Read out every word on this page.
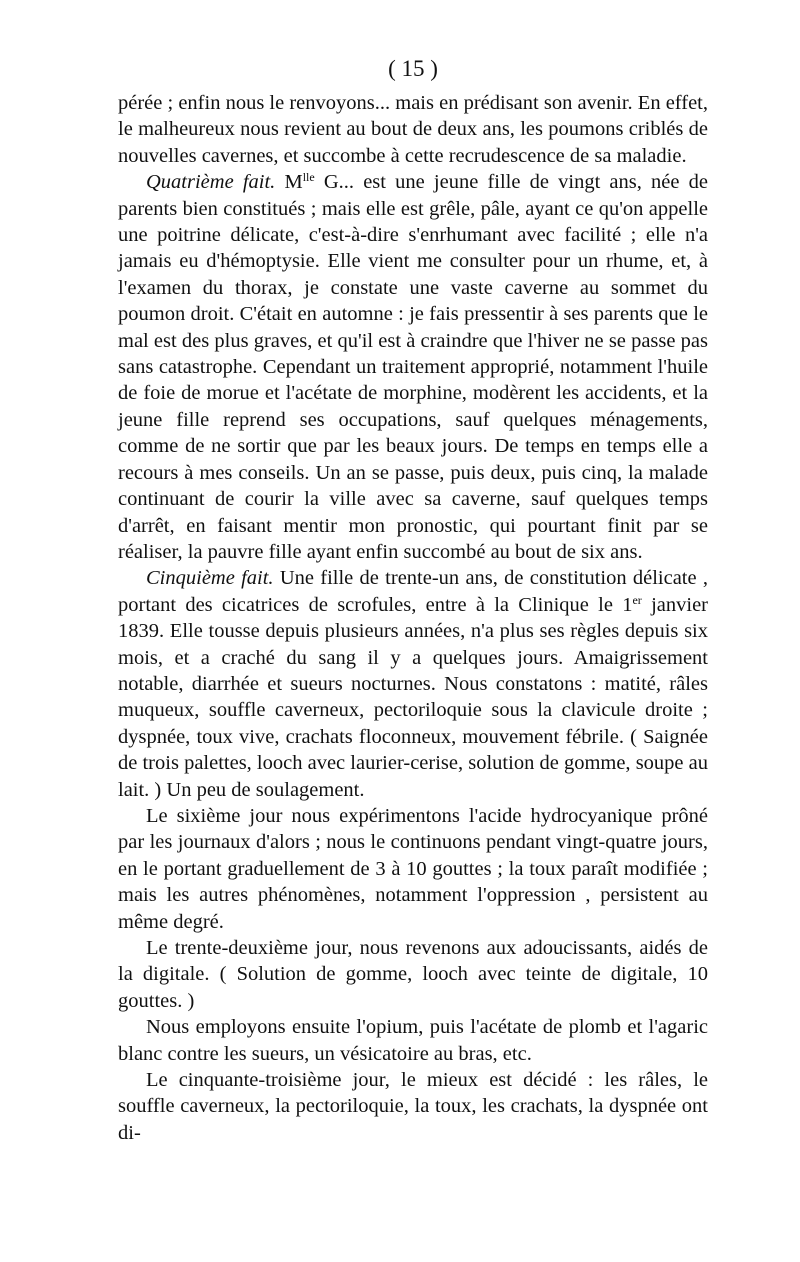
( 15 )

pérée ; enfin nous le renvoyons... mais en prédisant son avenir. En effet, le malheureux nous revient au bout de deux ans, les poumons criblés de nouvelles cavernes, et succombe à cette recrudescence de sa maladie.

Quatrième fait. $M^{lle}$ G... est une jeune fille de vingt ans, née de parents bien constitués ; mais elle est grêle, pâle, ayant ce qu'on appelle une poitrine délicate, c'est-à-dire s'enrhumant avec facilité ; elle n'a jamais eu d'hémoptysie. Elle vient me consulter pour un rhume, et, à l'examen du thorax, je constate une vaste caverne au sommet du poumon droit. C'était en automne : je fais pressentir à ses parents que le mal est des plus graves, et qu'il est à craindre que l'hiver ne se passe pas sans catastrophe. Cependant un traitement approprié, notamment l'huile de foie de morue et l'acétate de morphine, modèrent les accidents, et la jeune fille reprend ses occupations, sauf quelques ménagements, comme de ne sortir que par les beaux jours. De temps en temps elle a recours à mes conseils. Un an se passe, puis deux, puis cinq, la malade continuant de courir la ville avec sa caverne, sauf quelques temps d'arrêt, en faisant mentir mon pronostic, qui pourtant finit par se réaliser, la pauvre fille ayant enfin succombé au bout de six ans.

Cinquième fait. Une fille de trente-un ans, de constitution délicate , portant des cicatrices de scrofules, entre à la Clinique le 1er janvier 1839. Elle tousse depuis plusieurs années, n'a plus ses règles depuis six mois, et a craché du sang il y a quelques jours. Amaigrissement notable, diarrhée et sueurs nocturnes. Nous constatons : matité, râles muqueux, souffle caverneux, pectoriloquie sous la clavicule droite ; dyspnée, toux vive, crachats floconneux, mouvement fébrile. ( Saignée de trois palettes, looch avec laurier-cerise, solution de gomme, soupe au lait. ) Un peu de soulagement.

Le sixième jour nous expérimentons l'acide hydrocyanique prôné par les journaux d'alors ; nous le continuons pendant vingt-quatre jours, en le portant graduellement de 3 à 10 gouttes ; la toux paraît modifiée ; mais les autres phénomènes, notamment l'oppression , persistent au même degré.

Le trente-deuxième jour, nous revenons aux adoucissants, aidés de la digitale. ( Solution de gomme, looch avec teinte de digitale, 10 gouttes. )

Nous employons ensuite l'opium, puis l'acétate de plomb et l'agaric blanc contre les sueurs, un vésicatoire au bras, etc.

Le cinquante-troisième jour, le mieux est décidé : les râles, le souffle caverneux, la pectoriloquie, la toux, les crachats, la dyspnée ont di-
